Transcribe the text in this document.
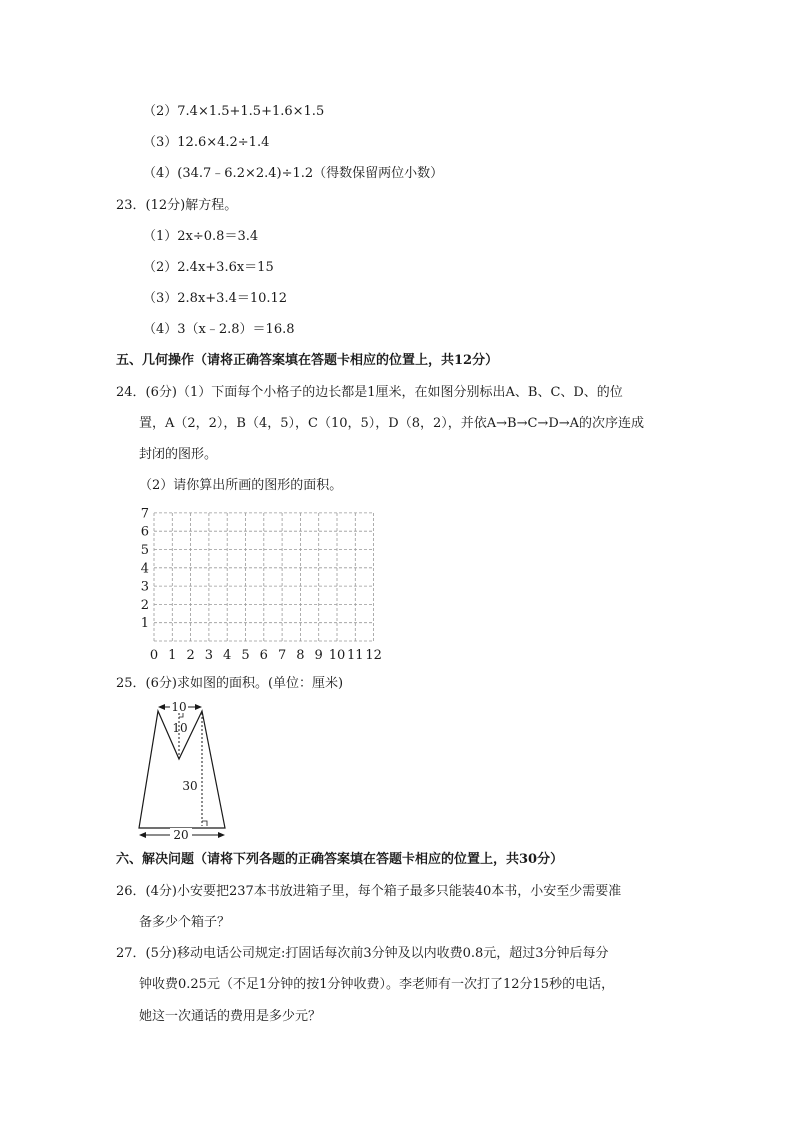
（2）7.4×1.5+1.5+1.6×1.5
（3）12.6×4.2÷1.4
（4）(34.7﹣6.2×2.4)÷1.2（得数保留两位小数）
23．(12分)解方程。
（1）2x÷0.8＝3.4
（2）2.4x+3.6x＝15
（3）2.8x+3.4＝10.12
（4）3（x﹣2.8）＝16.8
五、几何操作（请将正确答案填在答题卡相应的位置上，共12分）
24．(6分)（1）下面每个小格子的边长都是1厘米，在如图分别标出A、B、C、D、的位
置，A（2，2），B（4，5），C（10，5），D（8，2），并依A→B→C→D→A的次序连成
封闭的图形。
（2）请你算出所画的图形的面积。
7
6
5
4
3
2
1
0 1 2 3 4 5 6 7 8 9 10 11 12
25．(6分)求如图的面积。(单位：厘米)
10
10
30
20
六、解决问题（请将下列各题的正确答案填在答题卡相应的位置上，共30分）
26．(4分)小安要把237本书放进箱子里，每个箱子最多只能装40本书，小安至少需要准
备多少个箱子？
27．(5分)移动电话公司规定:打固话每次前3分钟及以内收费0.8元，超过3分钟后每分
钟收费0.25元（不足1分钟的按1分钟收费）。李老师有一次打了12分15秒的电话，
她这一次通话的费用是多少元？
